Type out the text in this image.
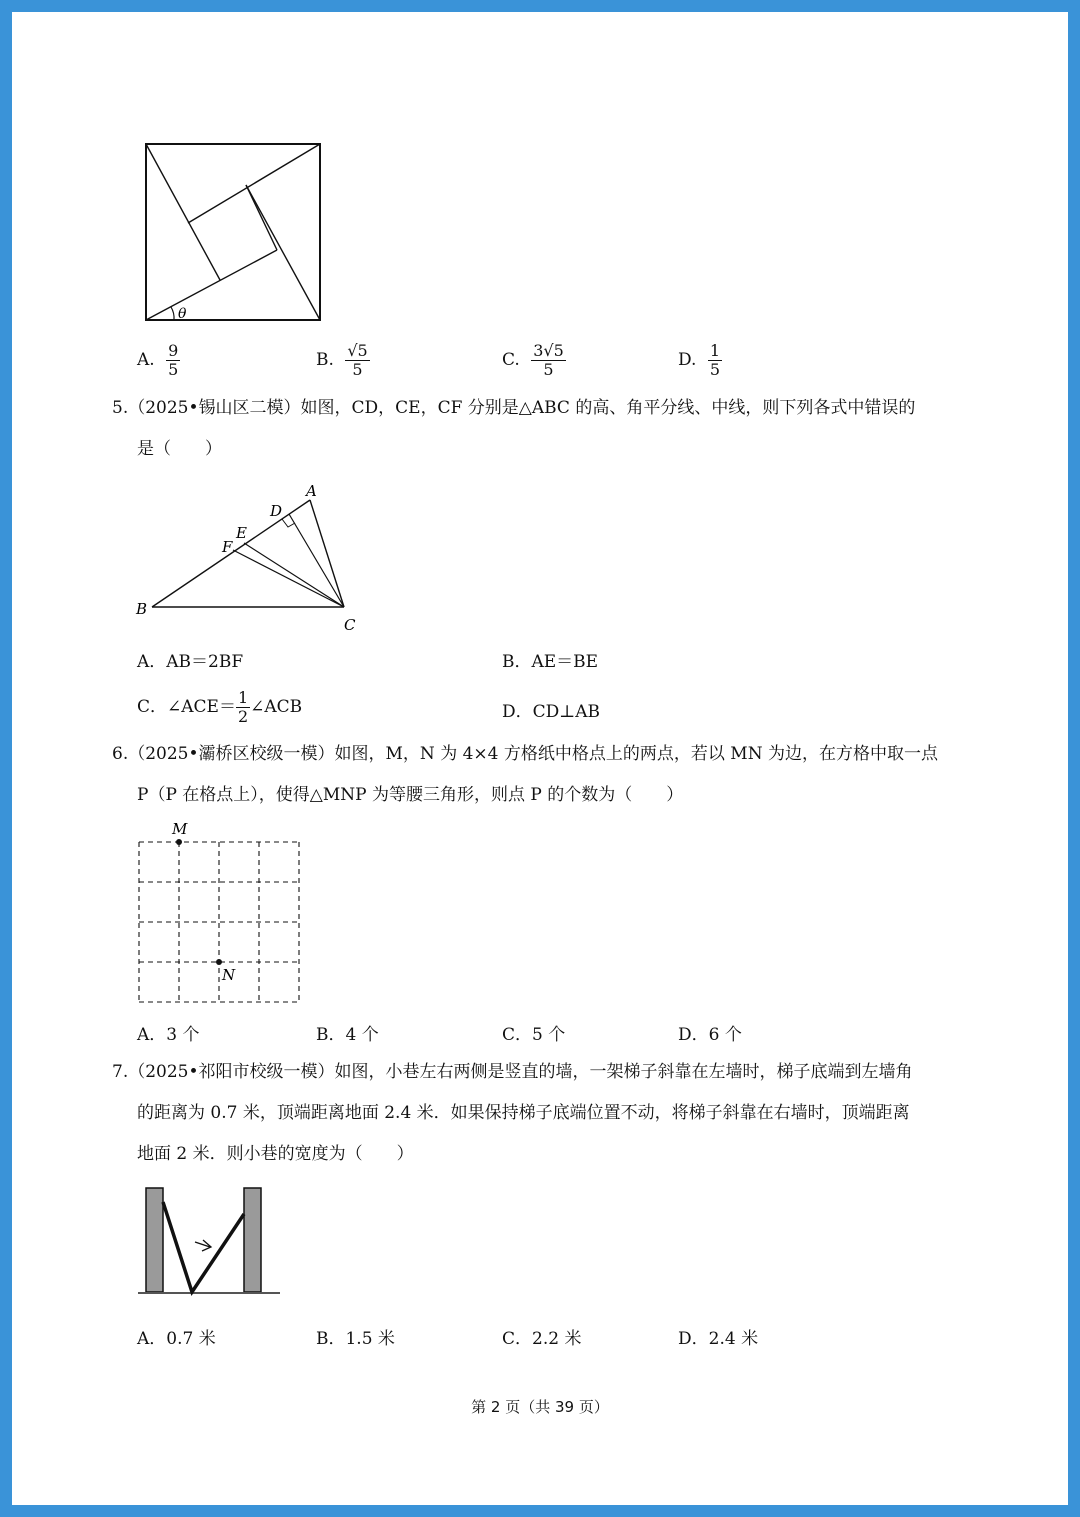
θ
A. $\frac{9}{5}$	B. $\frac{√5}{5}$	C. $\frac{3√5}{5}$	D. $\frac{1}{5}$
5.（2025•锡山区二模）如图，CD，CE，CF 分别是△ABC 的高、角平分线、中线，则下列各式中错误的
是（　　）
A
D
E
F
B
C
A．AB＝2BF	B．AE＝BE
C．∠ACE＝ $\frac{1}{2}$ ∠ACB	D．CD⊥AB
6.（2025•灞桥区校级一模）如图，M，N 为 4×4 方格纸中格点上的两点，若以 MN 为边，在方格中取一点
P（P 在格点上），使得△MNP 为等腰三角形，则点 P 的个数为（　　）
M
N
A．3 个	B．4 个	C．5 个	D．6 个
7.（2025•祁阳市校级一模）如图，小巷左右两侧是竖直的墙，一架梯子斜靠在左墙时，梯子底端到左墙角
的距离为 0.7 米，顶端距离地面 2.4 米．如果保持梯子底端位置不动，将梯子斜靠在右墙时，顶端距离
地面 2 米．则小巷的宽度为（　　）
A．0.7 米	B．1.5 米	C．2.2 米	D．2.4 米
第 2 页（共 39 页）
